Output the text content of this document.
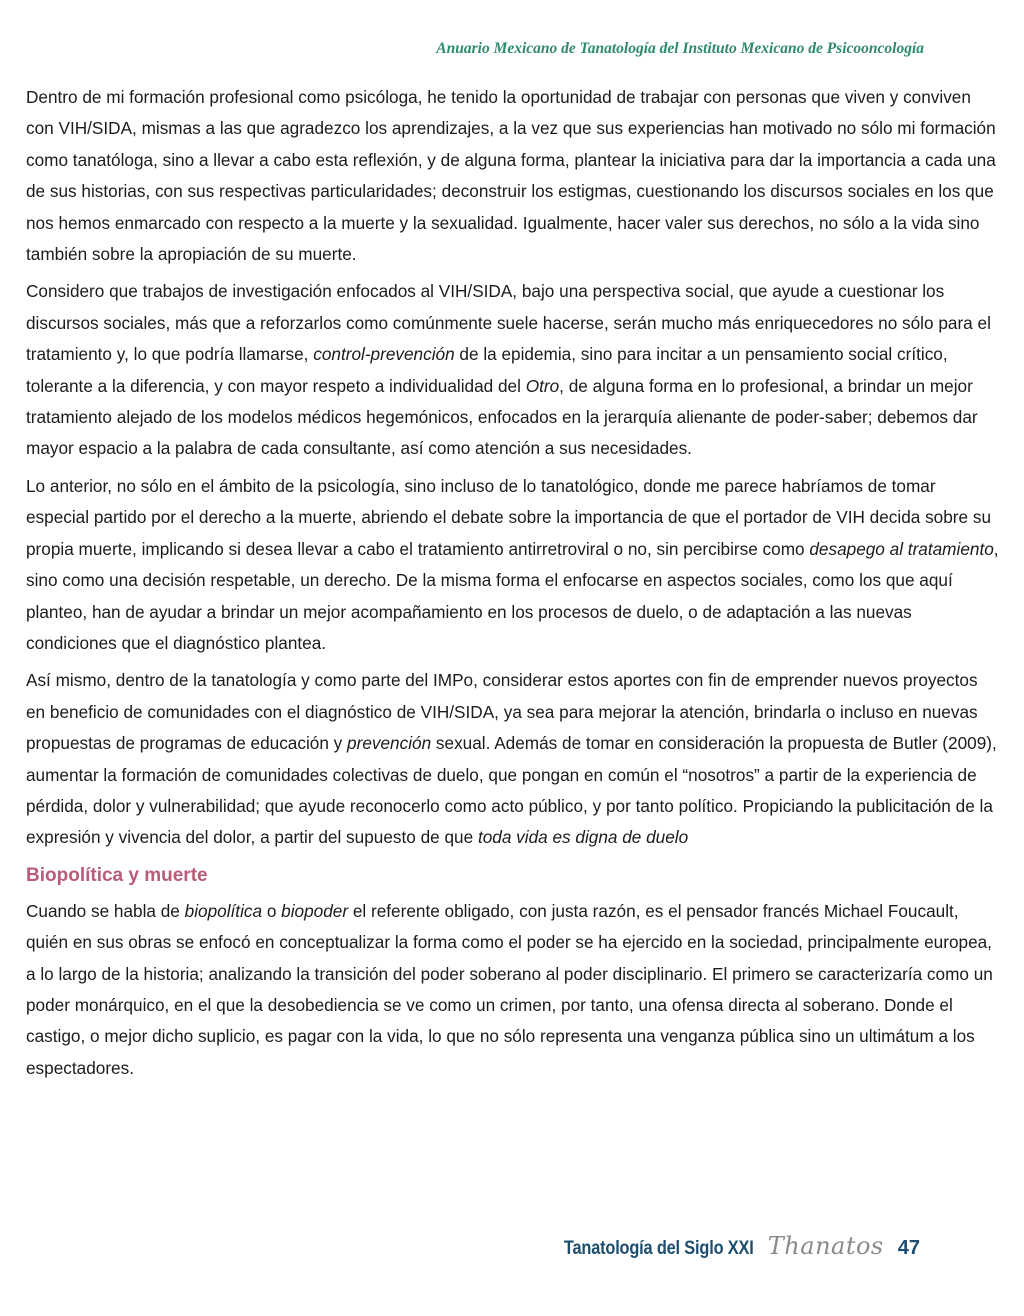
Anuario Mexicano de Tanatología del Instituto Mexicano de Psicooncología

Dentro de mi formación profesional como psicóloga, he tenido la oportunidad de trabajar con personas que viven y conviven con VIH/SIDA, mismas a las que agradezco los aprendizajes, a la vez que sus experiencias han motivado no sólo mi formación como tanatóloga, sino a llevar a cabo esta reflexión, y de alguna forma, plantear la iniciativa para dar la importancia a cada una de sus historias, con sus respectivas particularidades; deconstruir los estigmas, cuestionando los discursos sociales en los que nos hemos enmarcado con respecto a la muerte y la sexualidad. Igualmente, hacer valer sus derechos, no sólo a la vida sino también sobre la apropiación de su muerte.

Considero que trabajos de investigación enfocados al VIH/SIDA, bajo una perspectiva social, que ayude a cuestionar los discursos sociales, más que a reforzarlos como comúnmente suele hacerse, serán mucho más enriquecedores no sólo para el tratamiento y, lo que podría llamarse, control-prevención de la epidemia, sino para incitar a un pensamiento social crítico, tolerante a la diferencia, y con mayor respeto a individualidad del Otro, de alguna forma en lo profesional, a brindar un mejor tratamiento alejado de los modelos médicos hegemónicos, enfocados en la jerarquía alienante de poder-saber; debemos dar mayor espacio a la palabra de cada consultante, así como atención a sus necesidades.

Lo anterior, no sólo en el ámbito de la psicología, sino incluso de lo tanatológico, donde me parece habríamos de tomar especial partido por el derecho a la muerte, abriendo el debate sobre la importancia de que el portador de VIH decida sobre su propia muerte, implicando si desea llevar a cabo el tratamiento antirretroviral o no, sin percibirse como desapego al tratamiento, sino como una decisión respetable, un derecho. De la misma forma el enfocarse en aspectos sociales, como los que aquí planteo, han de ayudar a brindar un mejor acompañamiento en los procesos de duelo, o de adaptación a las nuevas condiciones que el diagnóstico plantea.

Así mismo, dentro de la tanatología y como parte del IMPo, considerar estos aportes con fin de emprender nuevos proyectos en beneficio de comunidades con el diagnóstico de VIH/SIDA, ya sea para mejorar la atención, brindarla o incluso en nuevas propuestas de programas de educación y prevención sexual. Además de tomar en consideración la propuesta de Butler (2009), aumentar la formación de comunidades colectivas de duelo, que pongan en común el “nosotros” a partir de la experiencia de pérdida, dolor y vulnerabilidad; que ayude reconocerlo como acto público, y por tanto político. Propiciando la publicitación de la expresión y vivencia del dolor, a partir del supuesto de que toda vida es digna de duelo

Biopolítica y muerte

Cuando se habla de biopolítica o biopoder el referente obligado, con justa razón, es el pensador francés Michael Foucault, quién en sus obras se enfocó en conceptualizar la forma como el poder se ha ejercido en la sociedad, principalmente europea, a lo largo de la historia; analizando la transición del poder soberano al poder disciplinario. El primero se caracterizaría como un poder monárquico, en el que la desobediencia se ve como un crimen, por tanto, una ofensa directa al soberano. Donde el castigo, o mejor dicho suplicio, es pagar con la vida, lo que no sólo representa una venganza pública sino un ultimátum a los espectadores.

Tanatología del Siglo XXI Thanatos 47
